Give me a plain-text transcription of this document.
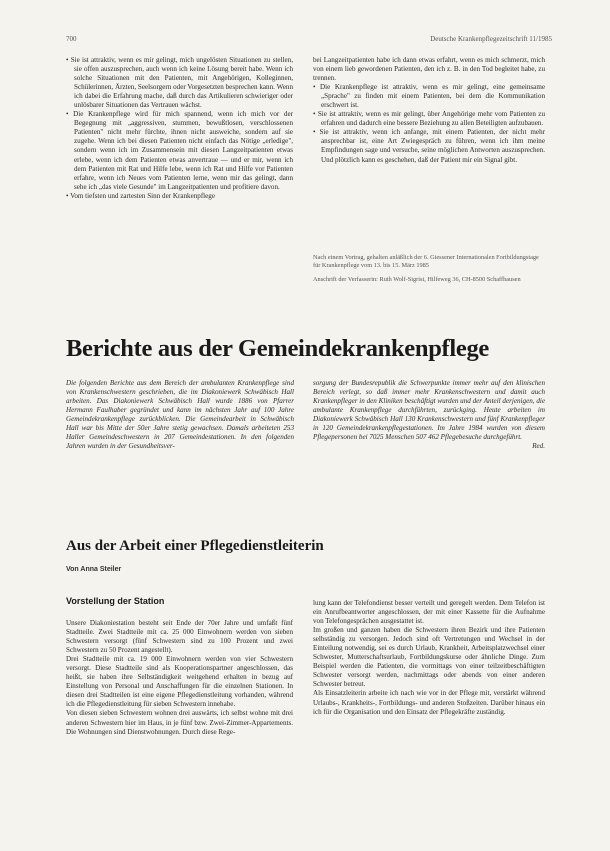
700	Deutsche Krankenpflegezeitschrift 11/1985

• Sie ist attraktiv, wenn es mir gelingt, mich ungelösten Situationen zu stellen, sie offen auszusprechen, auch wenn ich keine Lösung bereit habe. Wenn ich solche Situationen mit den Patienten, mit Angehörigen, Kolleginnen, Schülerinnen, Ärzten, Seelsorgern oder Vorgesetzten besprechen kann. Wenn ich dabei die Erfahrung mache, daß durch das Artikulieren schwieriger oder unlösbarer Situationen das Vertrauen wächst.

• Die Krankenpflege wird für mich spannend, wenn ich mich vor der Begegnung mit „aggressiven, stummen, bewußtlosen, verschlossenen Patienten" nicht mehr fürchte, ihnen nicht ausweiche, sondern auf sie zugehe. Wenn ich bei diesen Patienten nicht einfach das Nötige „erledige", sondern wenn ich im Zusammensein mit diesen Langzeitpatienten etwas erlebe, wenn ich dem Patienten etwas anvertraue — und er mir, wenn ich dem Patienten mit Rat und Hilfe lebe, wenn ich Rat und Hilfe vor Patienten erfahre, wenn ich Neues vom Patienten lerne, wenn mir das gelingt, dann sehe ich „das viele Gesunde" im Langzeitpatienten und profitiere davon.

• Vom tiefsten und zartesten Sinn der Krankenpflege

bei Langzeitpatienten habe ich dann etwas erfahrt, wenn es mich schmerzt, mich von einem lieb gewordenen Patienten, den ich z. B. in den Tod begleitet habe, zu trennen.

• Die Krankenpflege ist attraktiv, wenn es mir gelingt, eine gemeinsame „Sprache" zu finden mit einem Patienten, bei dem die Kommunikation erschwert ist.

• Sie ist attraktiv, wenn es mir gelingt, über Angehörige mehr vom Patienten zu erfahren und dadurch eine bessere Beziehung zu allen Beteiligten aufzubauen.

• Sie ist attraktiv, wenn ich anfange, mit einem Patienten, der nicht mehr ansprechbar ist, eine Art Zwiegespräch zu führen, wenn ich ihm meine Empfindungen sage und versuche, seine möglichen Antworten auszusprechen. Und plötzlich kann es geschehen, daß der Patient mir ein Signal gibt.

Nach einem Vortrag, gehalten anläßlich der 6. Giessener Internationalen Fortbildungstage für Krankenpflege vom 13. bis 15. März 1985
Anschrift der Verfasserin: Ruth Wolf-Sigrist, Hilfeweg 36, CH-8500 Schaffhausen
Berichte aus der Gemeindekrankenpflege
Die folgenden Berichte aus dem Bereich der ambulanten Krankenpflege sind von Krankenschwestern geschrieben, die im Diakoniewerk Schwäbisch Hall arbeiten. Das Diakoniewerk Schwäbisch Hall wurde 1886 von Pfarrer Hermann Faulhaber gegründet und kann im nächsten Jahr auf 100 Jahre Gemeindekrankenpflege zurückblicken. Die Gemeindearbeit in Schwäbisch Hall war bis Mitte der 50er Jahre stetig gewachsen. Damals arbeiteten 253 Haller Gemeindeschwestern in 207 Gemeindestationen. In den folgenden Jahren wurden in der Gesundheitsver-
sorgung der Bundesrepublik die Schwerpunkte immer mehr auf den klinischen Bereich verlegt, so daß immer mehr Krankenschwestern und damit auch Krankenpfleger in den Kliniken beschäftigt wurden und der Anteil derjenigen, die ambulante Krankenpflege durchführten, zurückging. Heute arbeiten im Diakoniewerk Schwäbisch Hall 130 Krankenschwestern und fünf Krankenpfleger in 120 Gemeindekrankenpflegestationen. Im Jahre 1984 wurden von diesem Pflegepersonen bei 7025 Menschen 507 462 Pflegebesuche durchgeführt.
Red.
Aus der Arbeit einer Pflegedienstleiterin
Von Anna Steiler
Vorstellung der Station

Unsere Diakoniestation besteht seit Ende der 70er Jahre und umfaßt fünf Stadtteile. Zwei Stadtteile mit ca. 25 000 Einwohnern werden von sieben Schwestern versorgt (fünf Schwestern sind zu 100 Prozent und zwei Schwestern zu 50 Prozent angestellt).

Drei Stadtteile mit ca. 19 000 Einwohnern werden von vier Schwestern versorgt. Diese Stadtteile sind als Kooperationspartner angeschlossen, das heißt, sie haben ihre Selbständigkeit weitgehend erhalten in bezug auf Einstellung von Personal und Anschaffungen für die einzelnen Stationen. In diesen drei Stadtteilen ist eine eigene Pflegedienstleitung vorhanden, während ich die Pflegedienstleitung für sieben Schwestern innehabe.

Von diesen sieben Schwestern wohnen drei auswärts, ich selbst wohne mit drei anderen Schwestern hier im Haus, in je fünf bzw. Zwei-Zimmer-Appartements. Die Wohnungen sind Dienstwohnungen. Durch diese Rege-

lung kann der Telefondienst besser verteilt und geregelt werden. Dem Telefon ist ein Anrufbeantworter angeschlossen, der mit einer Kassette für die Aufnahme von Telefongesprächen ausgestattet ist.

Im großen und ganzen haben die Schwestern ihren Bezirk und ihre Patienten selbständig zu versorgen. Jedoch sind oft Vertretungen und Wechsel in der Einteilung notwendig, sei es durch Urlaub, Krankheit, Arbeitsplatzwechsel einer Schwester, Mutterschaftsurlaub, Fortbildungskurse oder ähnliche Dinge. Zum Beispiel werden die Patienten, die vormittags von einer teilzeitbeschäftigten Schwester versorgt werden, nachmittags oder abends von einer anderen Schwester betreut.

Als Einsatzleiterin arbeite ich nach wie vor in der Pflege mit, verstärkt während Urlaubs-, Krankheits-, Fortbildungs- und anderen Stoßzeiten. Darüber hinaus ein ich für die Organisation und den Einsatz der Pflegekräfte zuständig.
